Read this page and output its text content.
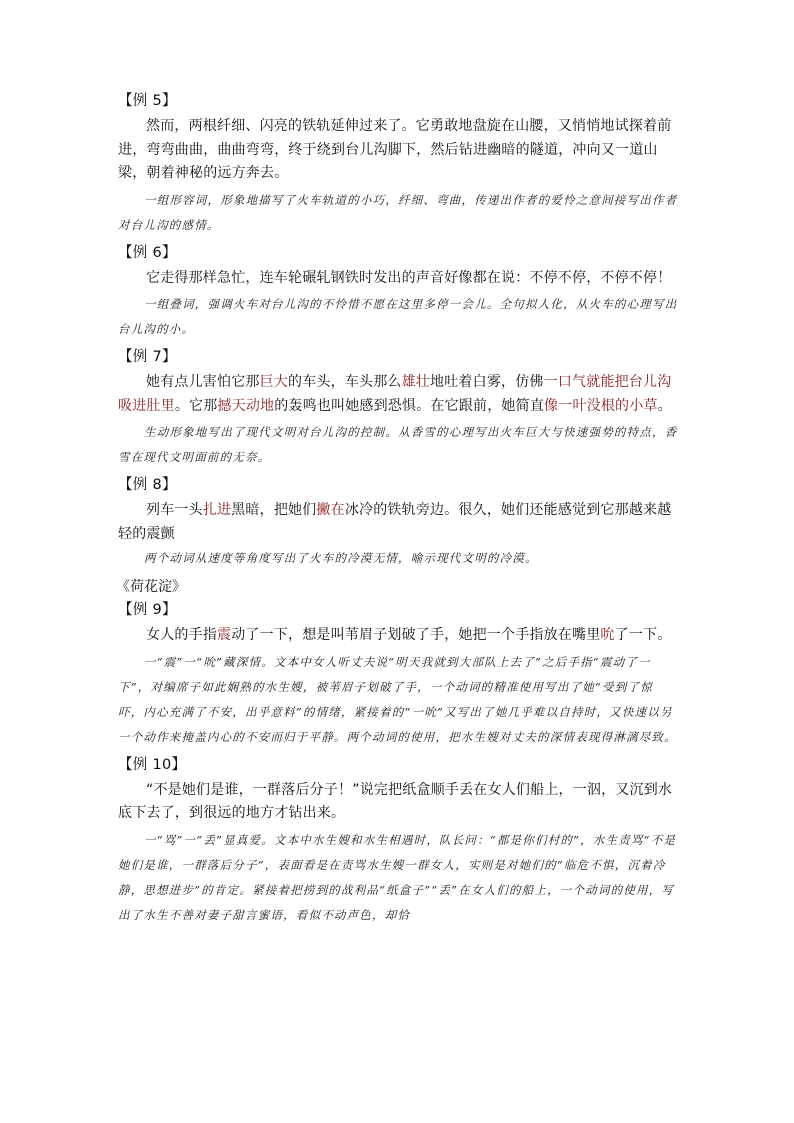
【例 5】

然而，两根纤细、闪亮的铁轨延伸过来了。它勇敢地盘旋在山腰，又悄悄地试探着前进，弯弯曲曲，曲曲弯弯，终于绕到台儿沟脚下，然后钻进幽暗的隧道，冲向又一道山梁，朝着神秘的远方奔去。

一组形容词，形象地描写了火车轨道的小巧，纤细、弯曲，传递出作者的爱怜之意间接写出作者对台儿沟的感情。

【例 6】

它走得那样急忙，连车轮碾轧钢铁时发出的声音好像都在说：不停不停，不停不停！

一组叠词，强调火车对台儿沟的不怜惜不愿在这里多停一会儿。全句拟人化，从火车的心理写出台儿沟的小。

【例 7】

她有点儿害怕它那巨大的车头，车头那么雄壮地吐着白雾，仿佛一口气就能把台儿沟吸进肚里。它那撼天动地的轰鸣也叫她感到恐惧。在它跟前，她简直像一叶没根的小草。

生动形象地写出了现代文明对台儿沟的控制。从香雪的心理写出火车巨大与快速强势的特点，香雪在现代文明面前的无奈。

【例 8】

列车一头扎进黑暗，把她们撇在冰冷的铁轨旁边。很久，她们还能感觉到它那越来越轻的震颤

两个动词从速度等角度写出了火车的冷漠无情，喻示现代文明的冷漠。

《荷花淀》

【例 9】

女人的手指震动了一下，想是叫苇眉子划破了手，她把一个手指放在嘴里吮了一下。

一“震”一“吮”藏深情。文本中女人听丈夫说“明天我就到大部队上去了”之后手指“震动了一下”，对编席子如此娴熟的水生嫂，被苇眉子划破了手，一个动词的精准使用写出了她“受到了惊吓，内心充满了不安，出乎意料”的情绪，紧接着的“一吮”又写出了她几乎难以自持时，又快速以另一个动作来掩盖内心的不安而归于平静。两个动词的使用，把水生嫂对丈夫的深情表现得淋漓尽致。

【例 10】

“不是她们是谁，一群落后分子！”说完把纸盒顺手丢在女人们船上，一泅，又沉到水底下去了，到很远的地方才钻出来。

一“骂”一“丢”显真爱。文本中水生嫂和水生相遇时，队长问：“都是你们村的”，水生责骂“不是她们是谁，一群落后分子”，表面看是在责骂水生嫂一群女人，实则是对她们的“临危不惧，沉着冷静，思想进步”的肯定。紧接着把捞到的战利品“纸盒子”“丢”在女人们的船上，一个动词的使用，写出了水生不善对妻子甜言蜜语，看似不动声色，却恰
